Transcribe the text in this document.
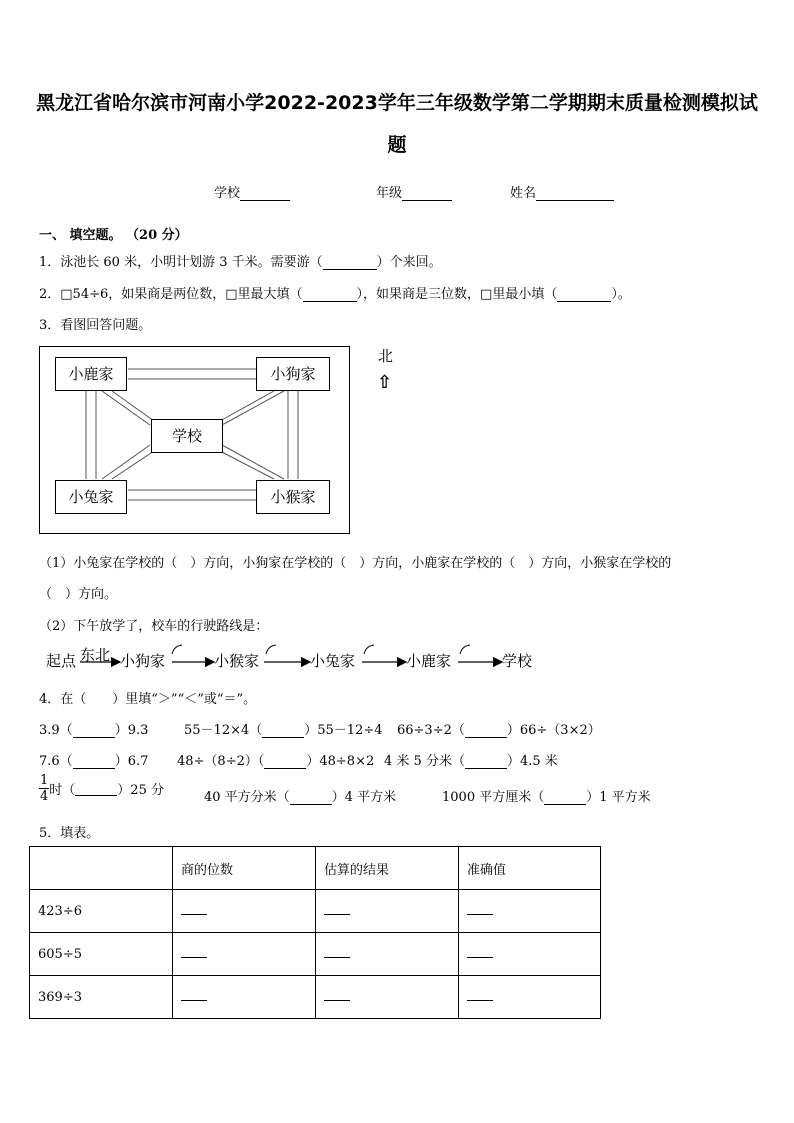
黑龙江省哈尔滨市河南小学2022-2023学年三年级数学第二学期期末质量检测模拟试
题
学校	年级	姓名
一、 填空题。 （20 分）
1．泳池长 60 米，小明计划游 3 千米。需要游（	）个来回。
2．□54÷6，如果商是两位数，□里最大填（	），如果商是三位数，□里最小填（	）。
3．看图回答问题。
小鹿家	小狗家
学校
小兔家	小猴家
北
⇧
（1）小兔家在学校的（　）方向，小狗家在学校的（　）方向，小鹿家在学校的（　）方向，小猴家在学校的
（　）方向。
（2）下午放学了，校车的行驶路线是：
起点 东北 小狗家	小猴家	小兔家	小鹿家	学校
4．在（　　）里填“＞”“＜”或“＝”。
3.9（	）9.3	55－12×4（	）55－12÷4 66÷3÷2（	）66÷（3×2）
7.6（	）6.7 48÷（8÷2）（	）48÷8×2 4 米 5 分米（	）4.5 米
$\frac{1}{4}$ 时（	）25 分	40 平方分米（	）4 平方米	1000 平方厘米（	）1 平方米
5．填表。
	商的位数	估算的结果	准确值
423÷6			
605÷5			
369÷3			
